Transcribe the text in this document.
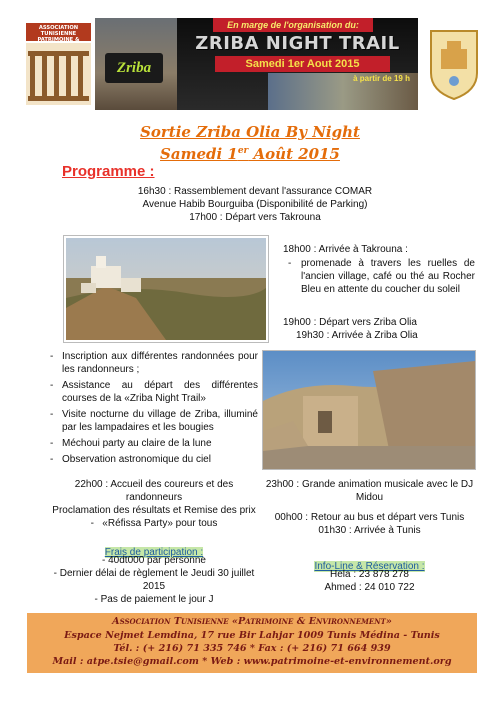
ASSOCIATION TUNISIENNE PATRIMOINE &
Zriba
En marge de l'organisation du:
ZRIBA NIGHT TRAIL
Samedi 1er Aout 2015
à partir de 19 h
Sortie Zriba Olia By Night
Samedi 1er Août 2015
Programme :
16h30 : Rassemblement devant l'assurance COMAR
Avenue Habib Bourguiba (Disponibilité de Parking)
17h00 : Départ vers Takrouna
18h00 : Arrivée à Takrouna :
- promenade à travers les ruelles de l'ancien village, café ou thé au Rocher Bleu en attente du coucher du soleil
19h00 : Départ vers Zriba Olia
19h30 : Arrivée à Zriba Olia
- Inscription aux différentes randonnées pour les randonneurs ;
- Assistance au départ des différentes courses de la «Zriba Night Trail»
- Visite nocturne du village de Zriba, illuminé par les lampadaires et les bougies
- Méchoui party au claire de la lune
- Observation astronomique du ciel
22h00 : Accueil des coureurs et des randonneurs
Proclamation des résultats et Remise des prix
-   «Réfissa Party» pour tous
23h00 : Grande animation musicale avec le DJ Midou
00h00 : Retour au bus et départ vers Tunis
01h30 : Arrivée à Tunis
Frais de participation :
- 40dt000 par personne
- Dernier délai de règlement le Jeudi 30 juillet 2015
- Pas de paiement le jour J
Info-Line & Réservation :
Hela : 23 878 278
Ahmed : 24 010 722
Association Tunisienne «Patrimoine & Environnement»
Espace Nejmet Lemdina, 17 rue Bir Lahjar 1009 Tunis Médina - Tunis
Tél. : (+ 216) 71 335 746 * Fax : (+ 216) 71 664 939
Mail : atpe.tsie@gmail.com * Web : www.patrimoine-et-environnement.org
